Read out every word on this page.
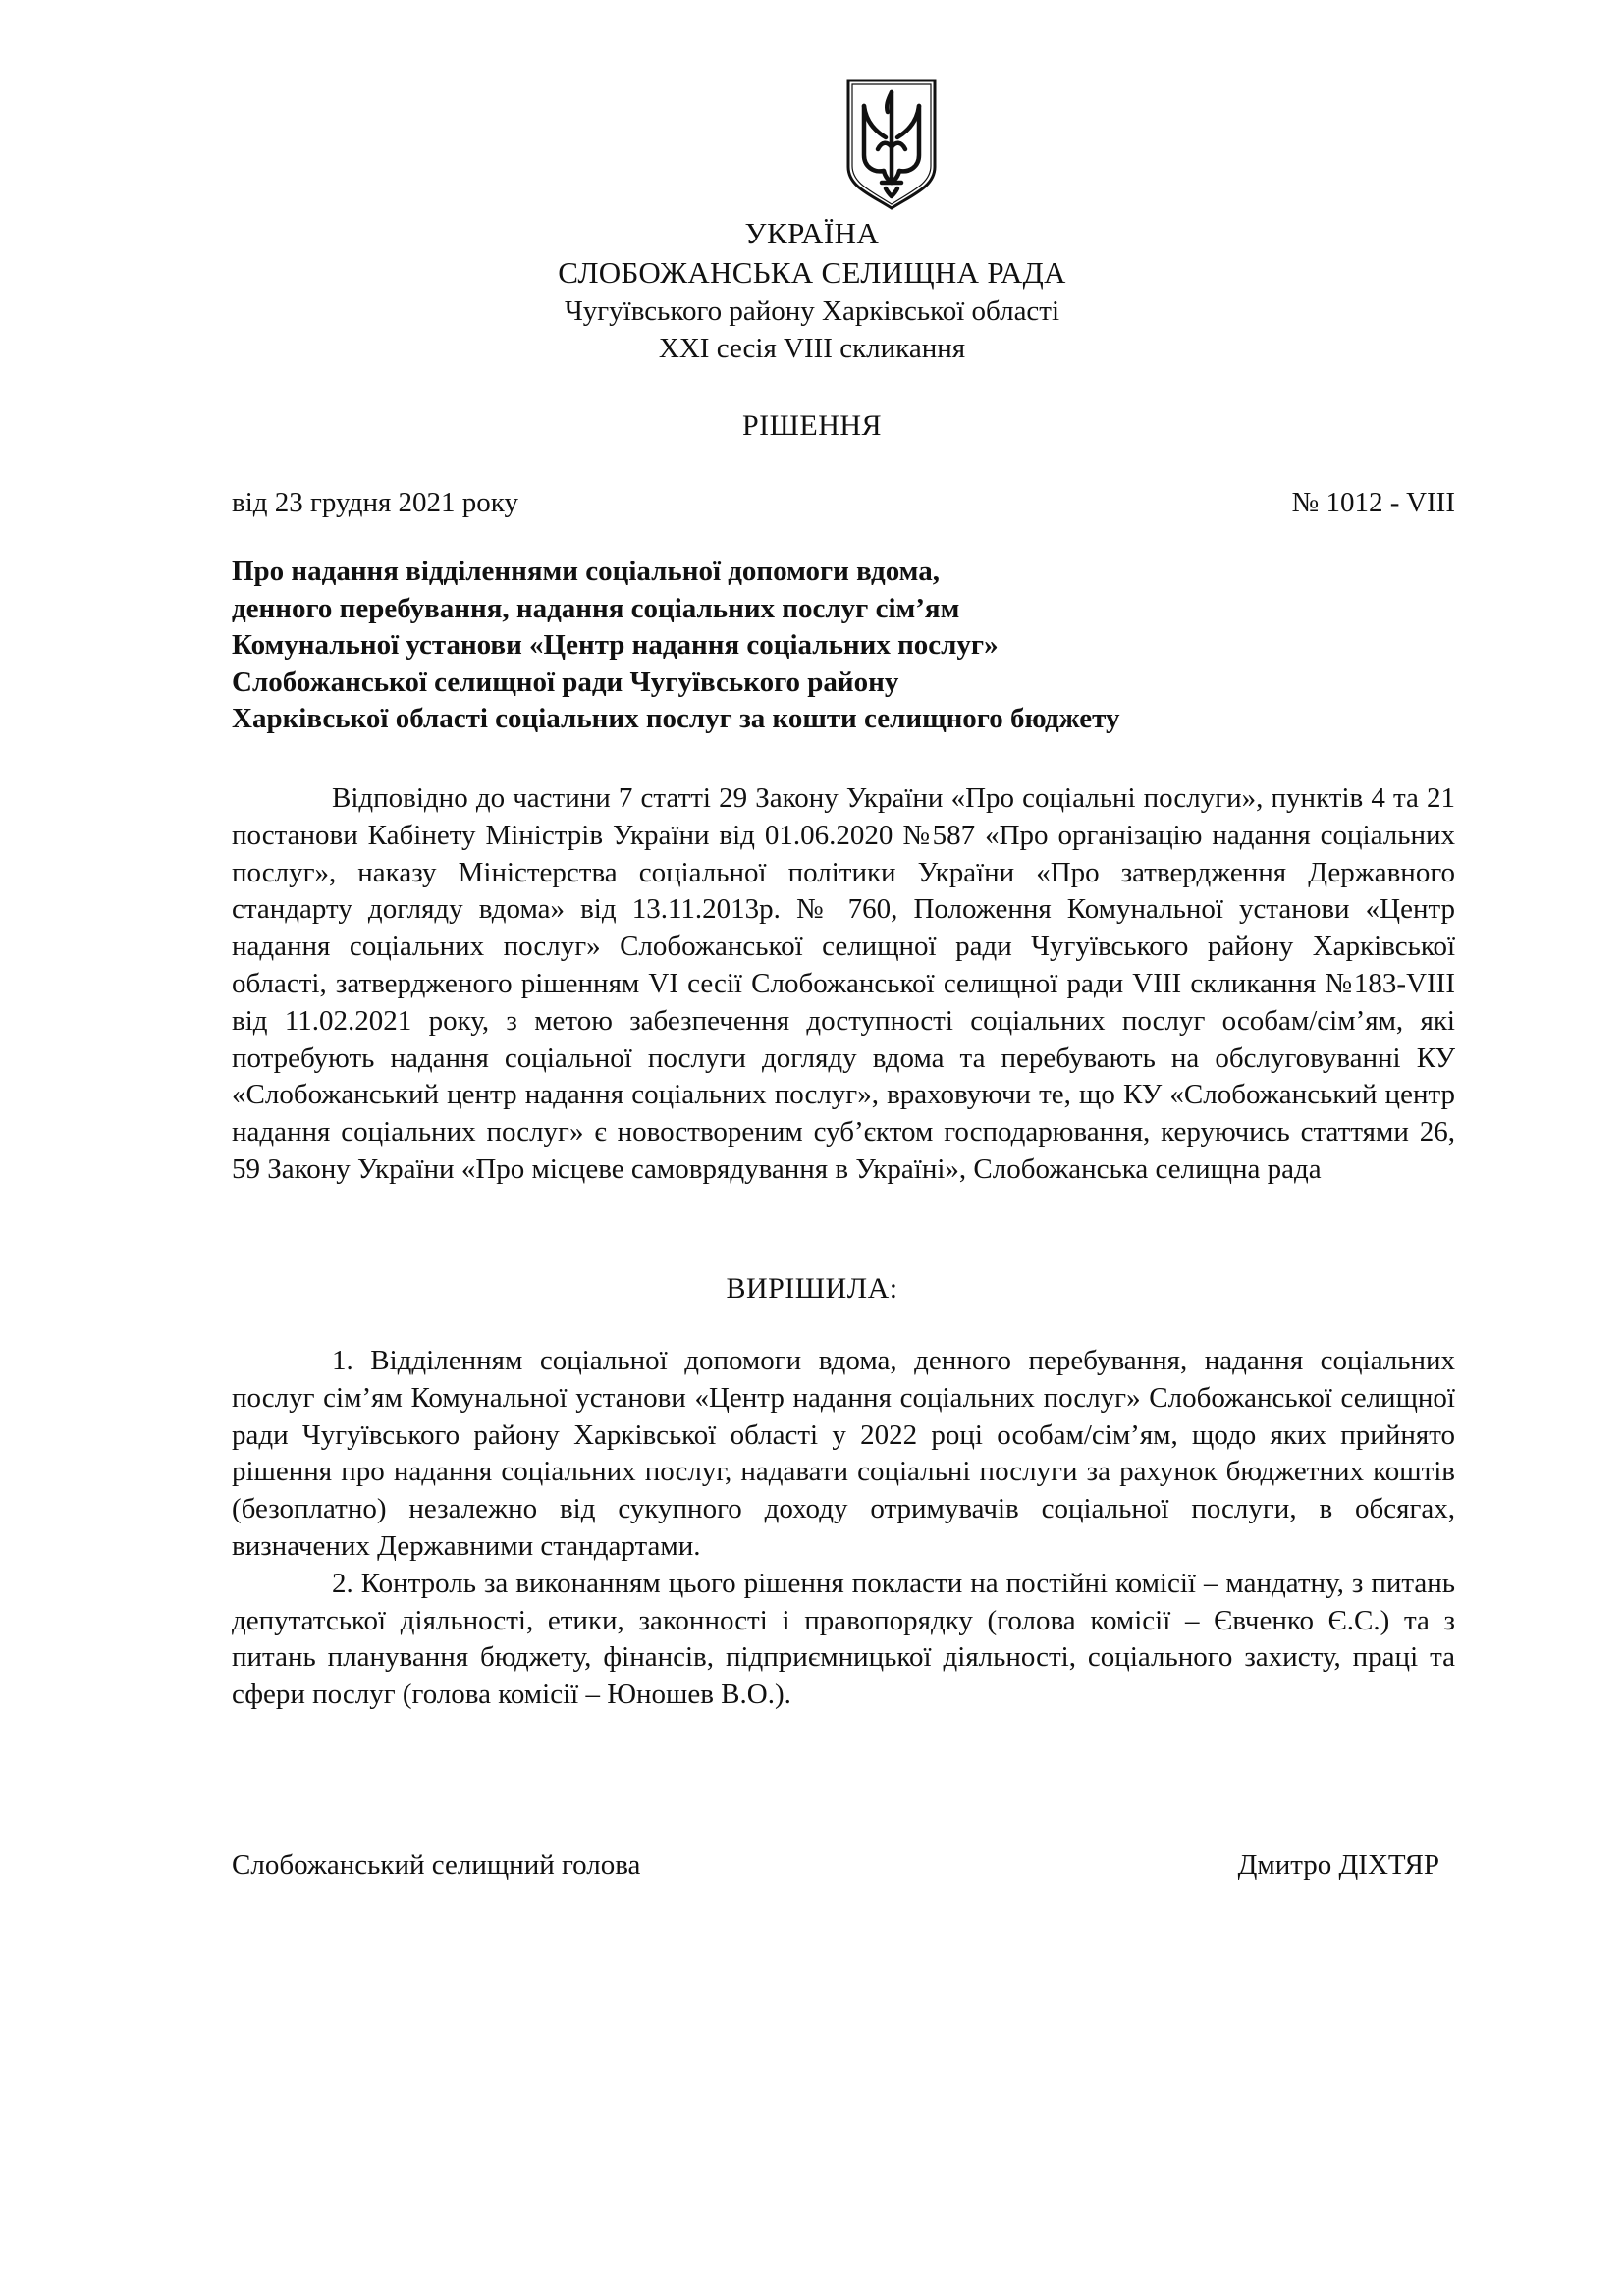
УКРАЇНА
СЛОБОЖАНСЬКА СЕЛИЩНА РАДА
Чугуївського району Харківської області
XXI сесія VIII скликання
РІШЕННЯ
від 23 грудня 2021 року	№ 1012 - VIII
Про надання відділеннями соціальної допомоги вдома,
денного перебування, надання соціальних послуг сім’ям
Комунальної установи «Центр надання соціальних послуг»
Слобожанської селищної ради Чугуївського району
Харківської області соціальних послуг за кошти селищного бюджету

Відповідно до частини 7 статті 29 Закону України «Про соціальні послуги», пунктів 4 та 21 постанови Кабінету Міністрів України від 01.06.2020 №587 «Про організацію надання соціальних послуг», наказу Міністерства соціальної політики України «Про затвердження Державного стандарту догляду вдома» від 13.11.2013р. № 760, Положення Комунальної установи «Центр надання соціальних послуг» Слобожанської селищної ради Чугуївського району Харківської області, затвердженого рішенням VI сесії Слобожанської селищної ради VIII скликання №183-VIII від 11.02.2021 року, з метою забезпечення доступності соціальних послуг особам/сім’ям, які потребують надання соціальної послуги догляду вдома та перебувають на обслуговуванні КУ «Слобожанський центр надання соціальних послуг», враховуючи те, що КУ «Слобожанський центр надання соціальних послуг» є новоствореним суб’єктом господарювання, керуючись статтями 26, 59 Закону України «Про місцеве самоврядування в Україні», Слобожанська селищна рада

ВИРІШИЛА:

1. Відділенням соціальної допомоги вдома, денного перебування, надання соціальних послуг сім’ям Комунальної установи «Центр надання соціальних послуг» Слобожанської селищної ради Чугуївського району Харківської області у 2022 році особам/сім’ям, щодо яких прийнято рішення про надання соціальних послуг, надавати соціальні послуги за рахунок бюджетних коштів (безоплатно) незалежно від сукупного доходу отримувачів соціальної послуги, в обсягах, визначених Державними стандартами.

2. Контроль за виконанням цього рішення покласти на постійні комісії – мандатну, з питань депутатської діяльності, етики, законності і правопорядку (голова комісії – Євченко Є.С.) та з питань планування бюджету, фінансів, підприємницької діяльності, соціального захисту, праці та сфери послуг (голова комісії – Юношев В.О.).

Слобожанський селищний голова	Дмитро ДІХТЯР
